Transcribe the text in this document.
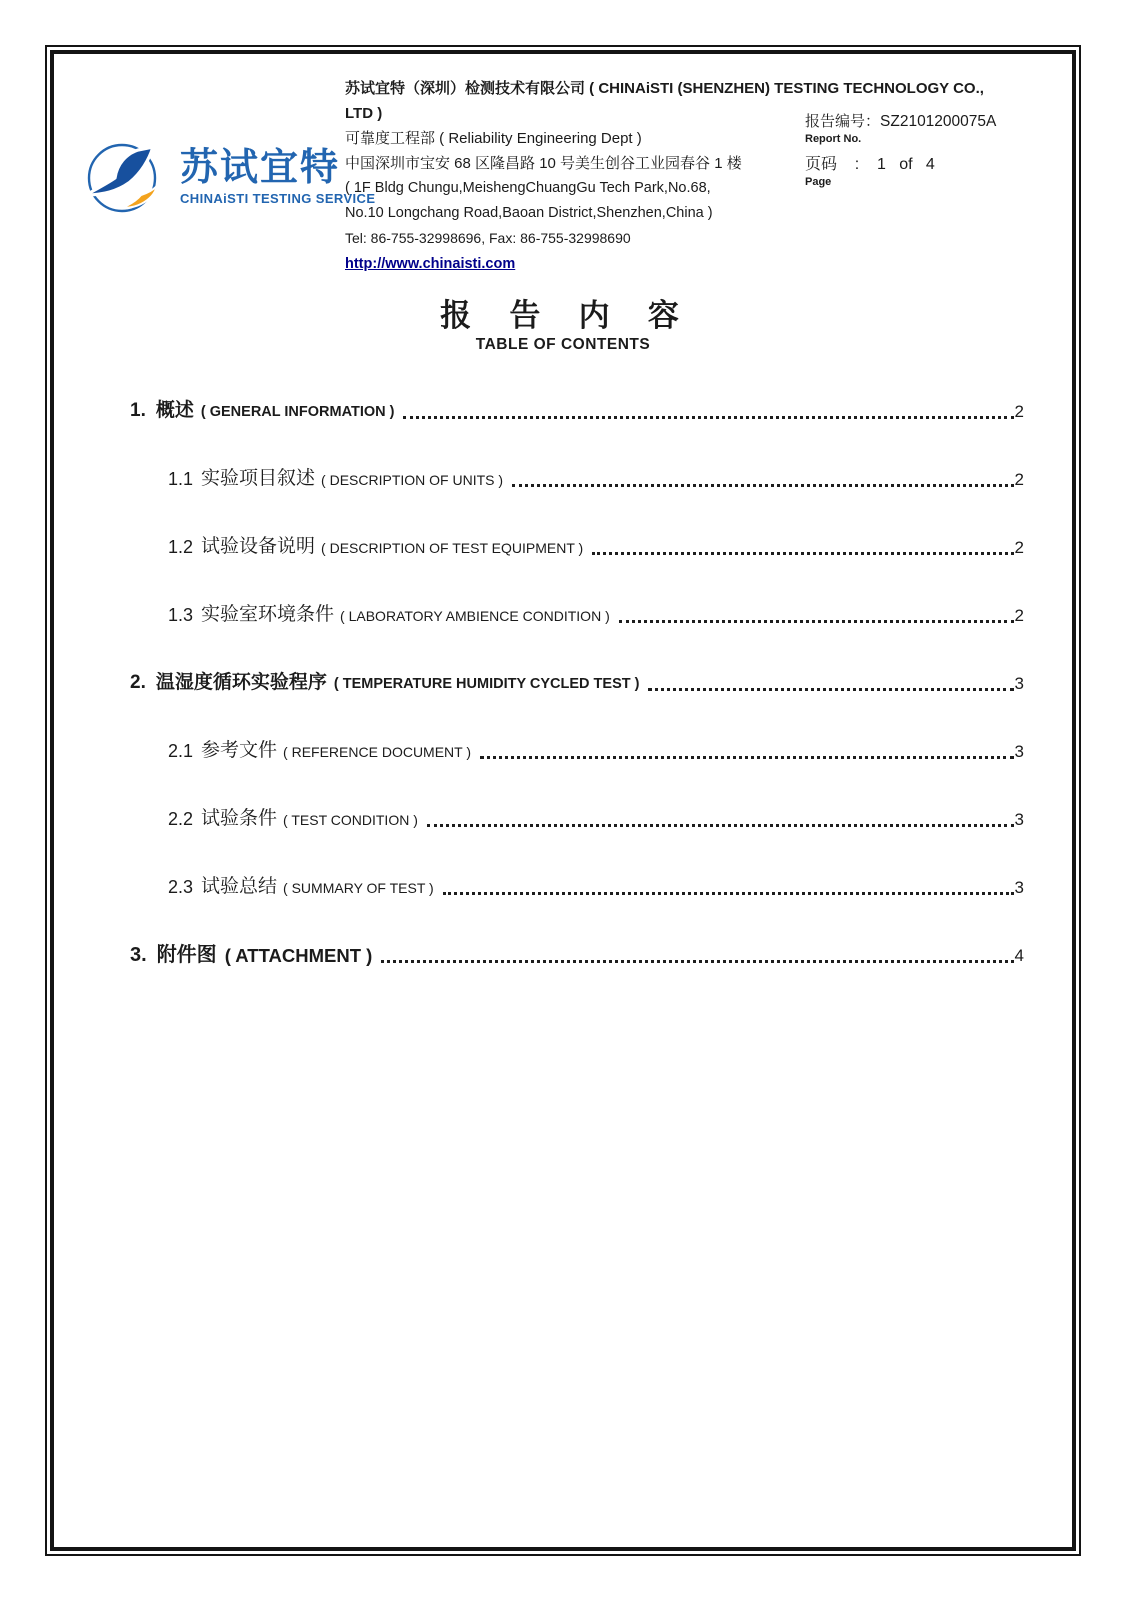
苏试宜特
CHINAiSTI TESTING SERVICE
苏试宜特（深圳）检测技术有限公司 ( CHINAiSTI (SHENZHEN) TESTING TECHNOLOGY CO.,
LTD )
可靠度工程部 ( Reliability Engineering Dept )
中国深圳市宝安 68 区隆昌路 10 号美生创谷工业园春谷 1 楼
( 1F Bldg Chungu,MeishengChuangGu Tech Park,No.68,
No.10 Longchang Road,Baoan District,Shenzhen,China )
Tel: 86-755-32998696, Fax: 86-755-32998690
http://www.chinaisti.com
报告编号：SZ2101200075A
Report No.
页码    :    1   of   4
Page
报  告  内  容
TABLE OF CONTENTS
1. 概述 ( GENERAL INFORMATION )	2
1.1 实验项目叙述 ( DESCRIPTION OF UNITS )	2
1.2 试验设备说明 ( DESCRIPTION OF TEST EQUIPMENT )	2
1.3 实验室环境条件 ( LABORATORY AMBIENCE CONDITION )	2
2. 温湿度循环实验程序 ( TEMPERATURE HUMIDITY CYCLED TEST )	3
2.1 参考文件 ( REFERENCE DOCUMENT )	3
2.2 试验条件 ( TEST CONDITION )	3
2.3 试验总结 ( SUMMARY OF TEST )	3
3. 附件图 ( ATTACHMENT )	4
